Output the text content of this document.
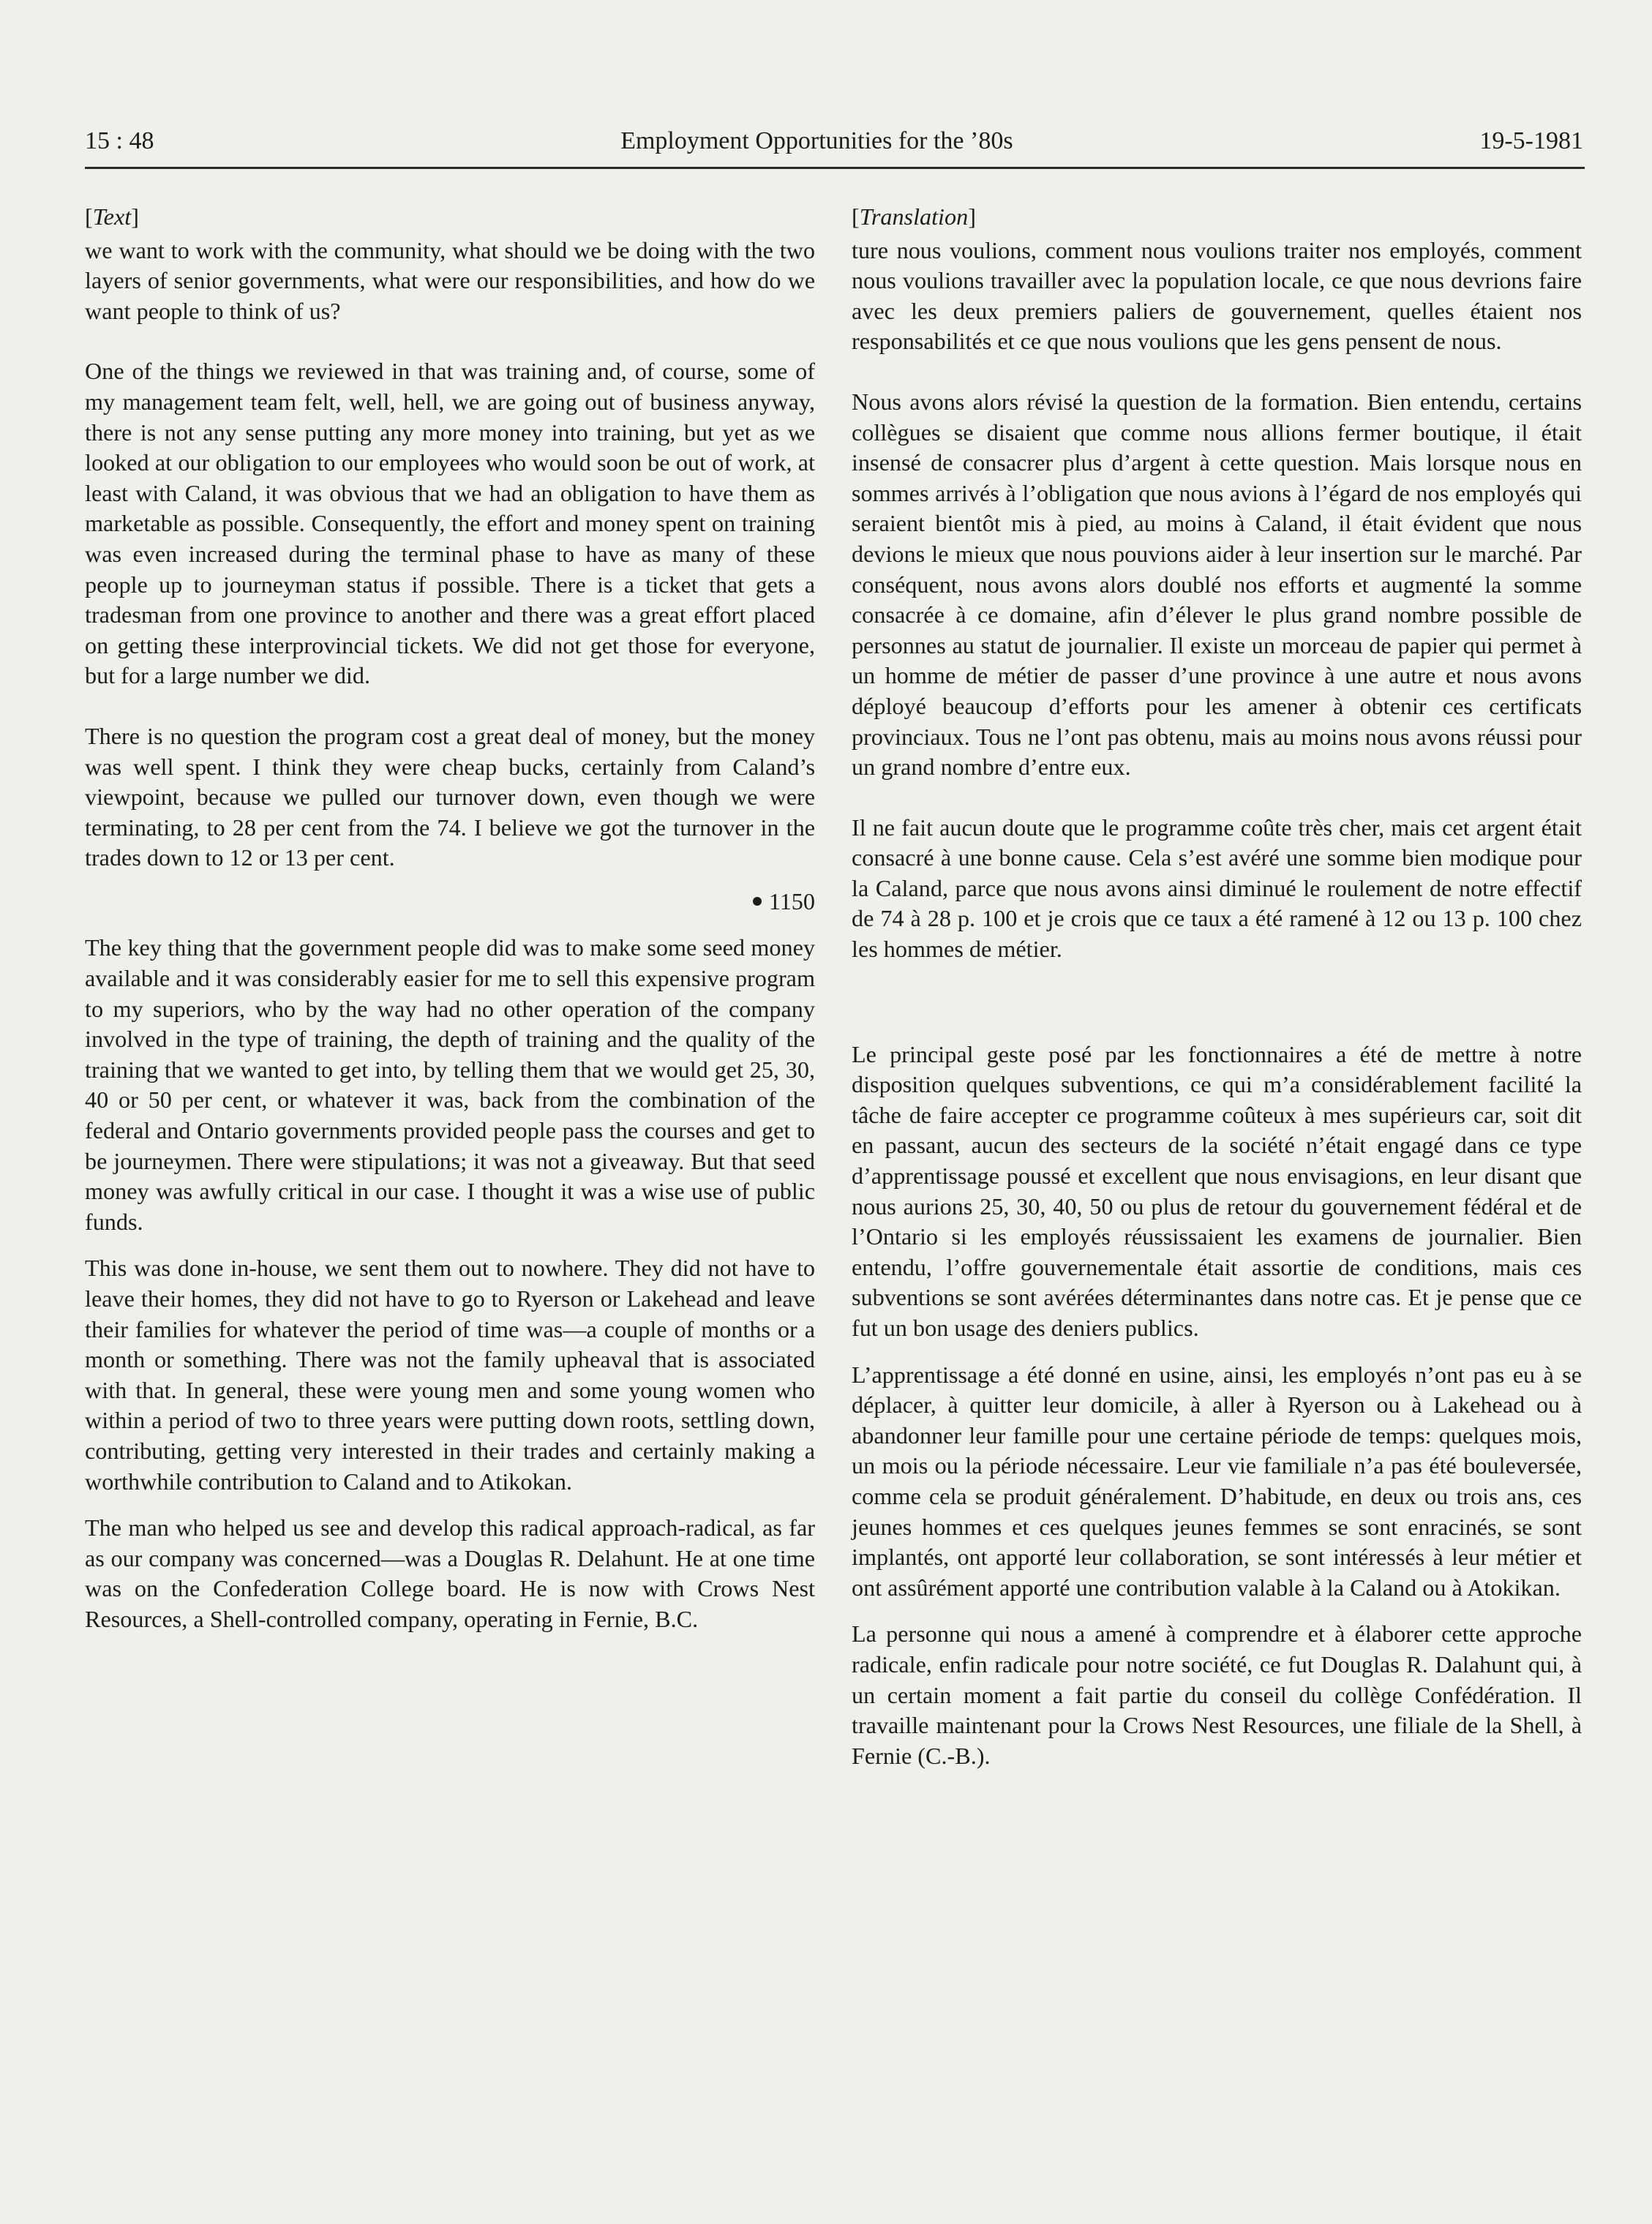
15 : 48	Employment Opportunities for the ’80s	19-5-1981
[Text]

we want to work with the community, what should we be doing with the two layers of senior governments, what were our responsibilities, and how do we want people to think of us?

One of the things we reviewed in that was training and, of course, some of my management team felt, well, hell, we are going out of business anyway, there is not any sense putting any more money into training, but yet as we looked at our obligation to our employees who would soon be out of work, at least with Caland, it was obvious that we had an obligation to have them as marketable as possible. Consequently, the effort and money spent on training was even increased during the terminal phase to have as many of these people up to journeyman status if possible. There is a ticket that gets a tradesman from one province to another and there was a great effort placed on getting these interprovincial tickets. We did not get those for everyone, but for a large number we did.

There is no question the program cost a great deal of money, but the money was well spent. I think they were cheap bucks, certainly from Caland’s viewpoint, because we pulled our turnover down, even though we were terminating, to 28 per cent from the 74. I believe we got the turnover in the trades down to 12 or 13 per cent.

1150

The key thing that the government people did was to make some seed money available and it was considerably easier for me to sell this expensive program to my superiors, who by the way had no other operation of the company involved in the type of training, the depth of training and the quality of the training that we wanted to get into, by telling them that we would get 25, 30, 40 or 50 per cent, or whatever it was, back from the combination of the federal and Ontario governments provided people pass the courses and get to be journeymen. There were stipulations; it was not a giveaway. But that seed money was awfully critical in our case. I thought it was a wise use of public funds.

This was done in-house, we sent them out to nowhere. They did not have to leave their homes, they did not have to go to Ryerson or Lakehead and leave their families for whatever the period of time was—a couple of months or a month or something. There was not the family upheaval that is associated with that. In general, these were young men and some young women who within a period of two to three years were putting down roots, settling down, contributing, getting very interested in their trades and certainly making a worthwhile contribution to Caland and to Atikokan.

The man who helped us see and develop this radical approach-radical, as far as our company was concerned—was a Douglas R. Delahunt. He at one time was on the Confederation College board. He is now with Crows Nest Resources, a Shell-controlled company, operating in Fernie, B.C.

[Translation]

ture nous voulions, comment nous voulions traiter nos employés, comment nous voulions travailler avec la population locale, ce que nous devrions faire avec les deux premiers paliers de gouvernement, quelles étaient nos responsabilités et ce que nous voulions que les gens pensent de nous.

Nous avons alors révisé la question de la formation. Bien entendu, certains collègues se disaient que comme nous allions fermer boutique, il était insensé de consacrer plus d’argent à cette question. Mais lorsque nous en sommes arrivés à l’obligation que nous avions à l’égard de nos employés qui seraient bientôt mis à pied, au moins à Caland, il était évident que nous devions le mieux que nous pouvions aider à leur insertion sur le marché. Par conséquent, nous avons alors doublé nos efforts et augmenté la somme consacrée à ce domaine, afin d’élever le plus grand nombre possible de personnes au statut de journalier. Il existe un morceau de papier qui permet à un homme de métier de passer d’une province à une autre et nous avons déployé beaucoup d’efforts pour les amener à obtenir ces certificats provinciaux. Tous ne l’ont pas obtenu, mais au moins nous avons réussi pour un grand nombre d’entre eux.

Il ne fait aucun doute que le programme coûte très cher, mais cet argent était consacré à une bonne cause. Cela s’est avéré une somme bien modique pour la Caland, parce que nous avons ainsi diminué le roulement de notre effectif de 74 à 28 p. 100 et je crois que ce taux a été ramené à 12 ou 13 p. 100 chez les hommes de métier.

Le principal geste posé par les fonctionnaires a été de mettre à notre disposition quelques subventions, ce qui m’a considérablement facilité la tâche de faire accepter ce programme coûteux à mes supérieurs car, soit dit en passant, aucun des secteurs de la société n’était engagé dans ce type d’apprentissage poussé et excellent que nous envisagions, en leur disant que nous aurions 25, 30, 40, 50 ou plus de retour du gouvernement fédéral et de l’Ontario si les employés réussissaient les examens de journalier. Bien entendu, l’offre gouvernementale était assortie de conditions, mais ces subventions se sont avérées déterminantes dans notre cas. Et je pense que ce fut un bon usage des deniers publics.

L’apprentissage a été donné en usine, ainsi, les employés n’ont pas eu à se déplacer, à quitter leur domicile, à aller à Ryerson ou à Lakehead ou à abandonner leur famille pour une certaine période de temps: quelques mois, un mois ou la période nécessaire. Leur vie familiale n’a pas été bouleversée, comme cela se produit généralement. D’habitude, en deux ou trois ans, ces jeunes hommes et ces quelques jeunes femmes se sont enracinés, se sont implantés, ont apporté leur collaboration, se sont intéressés à leur métier et ont assûrément apporté une contribution valable à la Caland ou à Atokikan.

La personne qui nous a amené à comprendre et à élaborer cette approche radicale, enfin radicale pour notre société, ce fut Douglas R. Dalahunt qui, à un certain moment a fait partie du conseil du collège Confédération. Il travaille maintenant pour la Crows Nest Resources, une filiale de la Shell, à Fernie (C.-B.).
